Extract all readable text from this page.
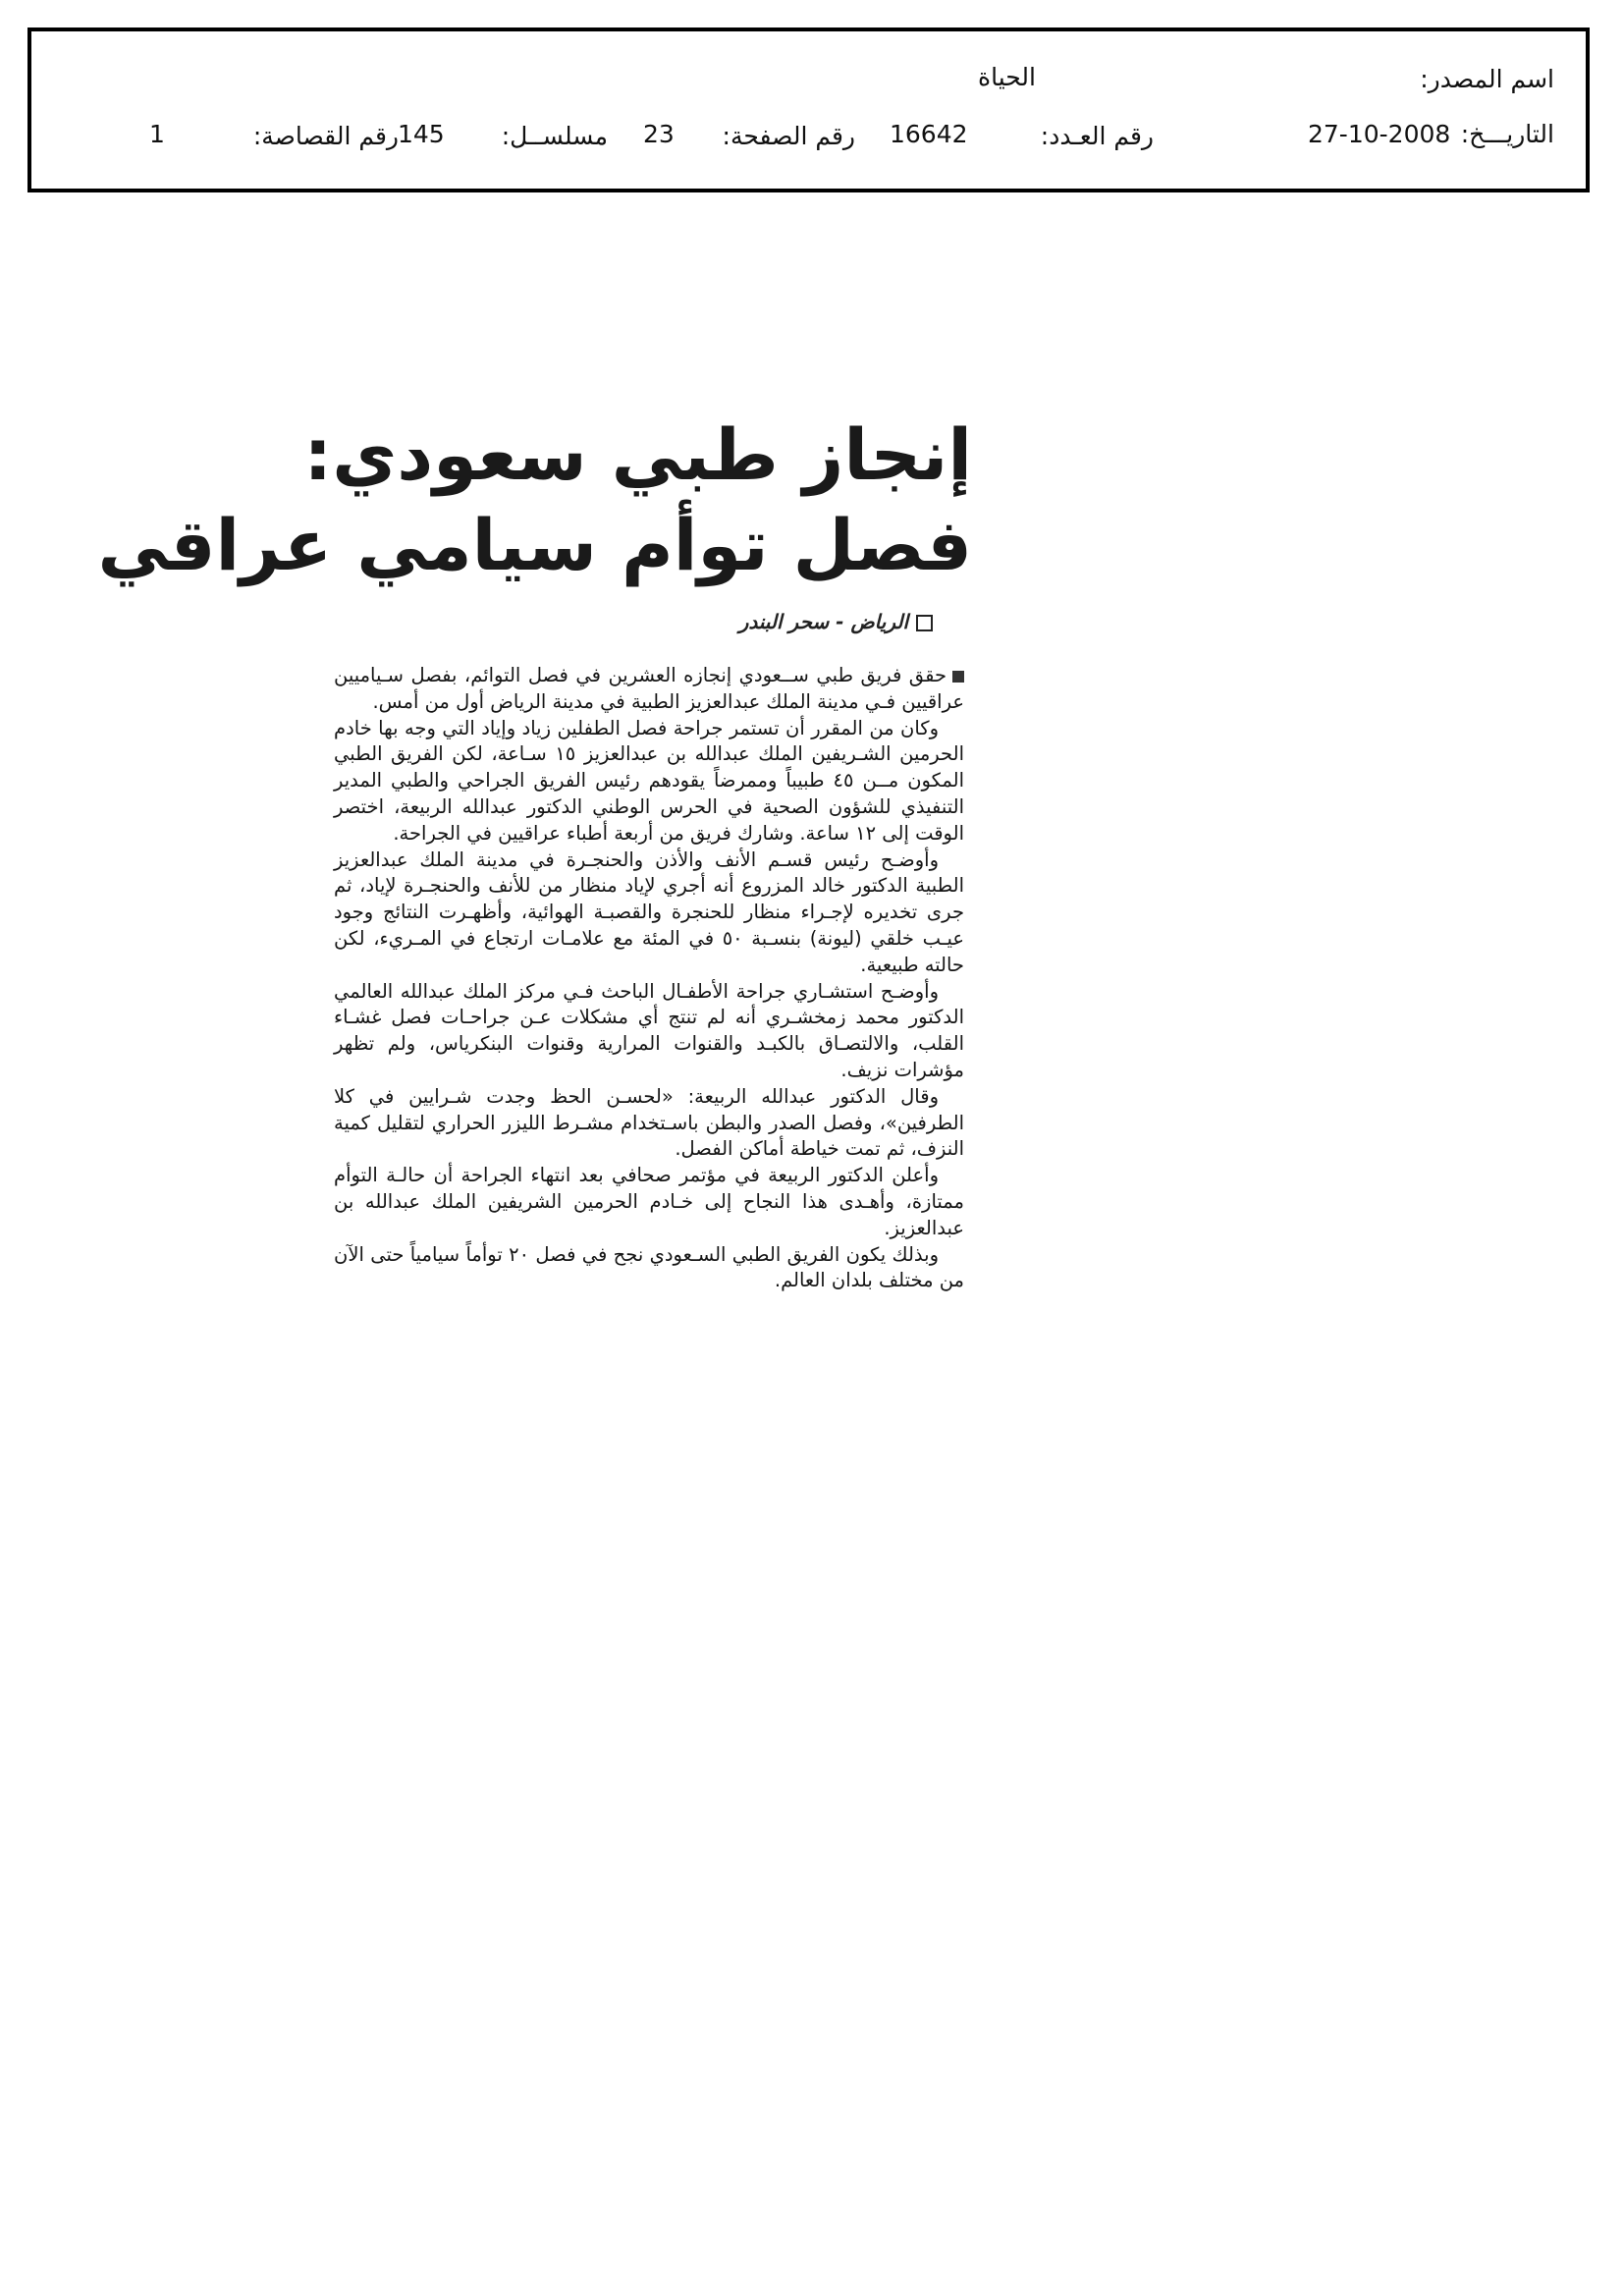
اسم المصدر:
الحياة
التاريـــخ:
27-10-2008
رقم العـدد:
16642
رقم الصفحة:
23
مسلســل:
145
رقم القصاصة:
1
إنجاز طبي سعودي:
فصل توأم سيامي عراقي
الرياض - سحر البندر

حقق فريق طبي ســعودي إنجازه العشرين في فصل التوائم، بفصل سـياميين عراقيين فـي مدينة الملك عبدالعزيز الطبية في مدينة الرياض أول من أمس.

وكان من المقرر أن تستمر جراحة فصل الطفلين زياد وإياد التي وجه بها خادم الحرمين الشـريفين الملك عبدالله بن عبدالعزيز ١٥ سـاعة، لكن الفريق الطبي المكون مــن ٤٥ طبيباً وممرضاً يقودهم رئيس الفريق الجراحي والطبي المدير التنفيذي للشؤون الصحية في الحرس الوطني الدكتور عبدالله الربيعة، اختصر الوقت إلى ١٢ ساعة. وشارك فريق من أربعة أطباء عراقيين في الجراحة.

وأوضـح رئيس قسـم الأنف والأذن والحنجـرة في مدينة الملك عبدالعزيز الطبية الدكتور خالد المزروع أنه أجري لإياد منظار من للأنف والحنجـرة لإياد، ثم جرى تخديره لإجـراء منظار للحنجرة والقصبـة الهوائية، وأظهـرت النتائج وجود عيـب خلقي (ليونة) بنسـبة ٥٠ في المئة مع علامـات ارتجاع في المـريء، لكن حالته طبيعية.

وأوضـح استشـاري جراحة الأطفـال الباحث فـي مركز الملك عبدالله العالمي الدكتور محمد زمخشـري أنه لم تنتج أي مشكلات عـن جراحـات فصل غشـاء القلب، والالتصـاق بالكبـد والقنوات المرارية وقنوات البنكرياس، ولم تظهر مؤشرات نزيف.

وقال الدكتور عبدالله الربيعة: «لحسـن الحظ وجدت شـرايين في كلا الطرفين»، وفصل الصدر والبطن باسـتخدام مشـرط الليزر الحراري لتقليل كمية النزف، ثم تمت خياطة أماكن الفصل.

وأعلن الدكتور الربيعة في مؤتمر صحافي بعد انتهاء الجراحة أن حالـة التوأم ممتازة، وأهـدى هذا النجاح إلى خـادم الحرمين الشريفين الملك عبدالله بن عبدالعزيز.

وبذلك يكون الفريق الطبي السـعودي نجح في فصل ٢٠ توأماً سيامياً حتى الآن من مختلف بلدان العالم.
